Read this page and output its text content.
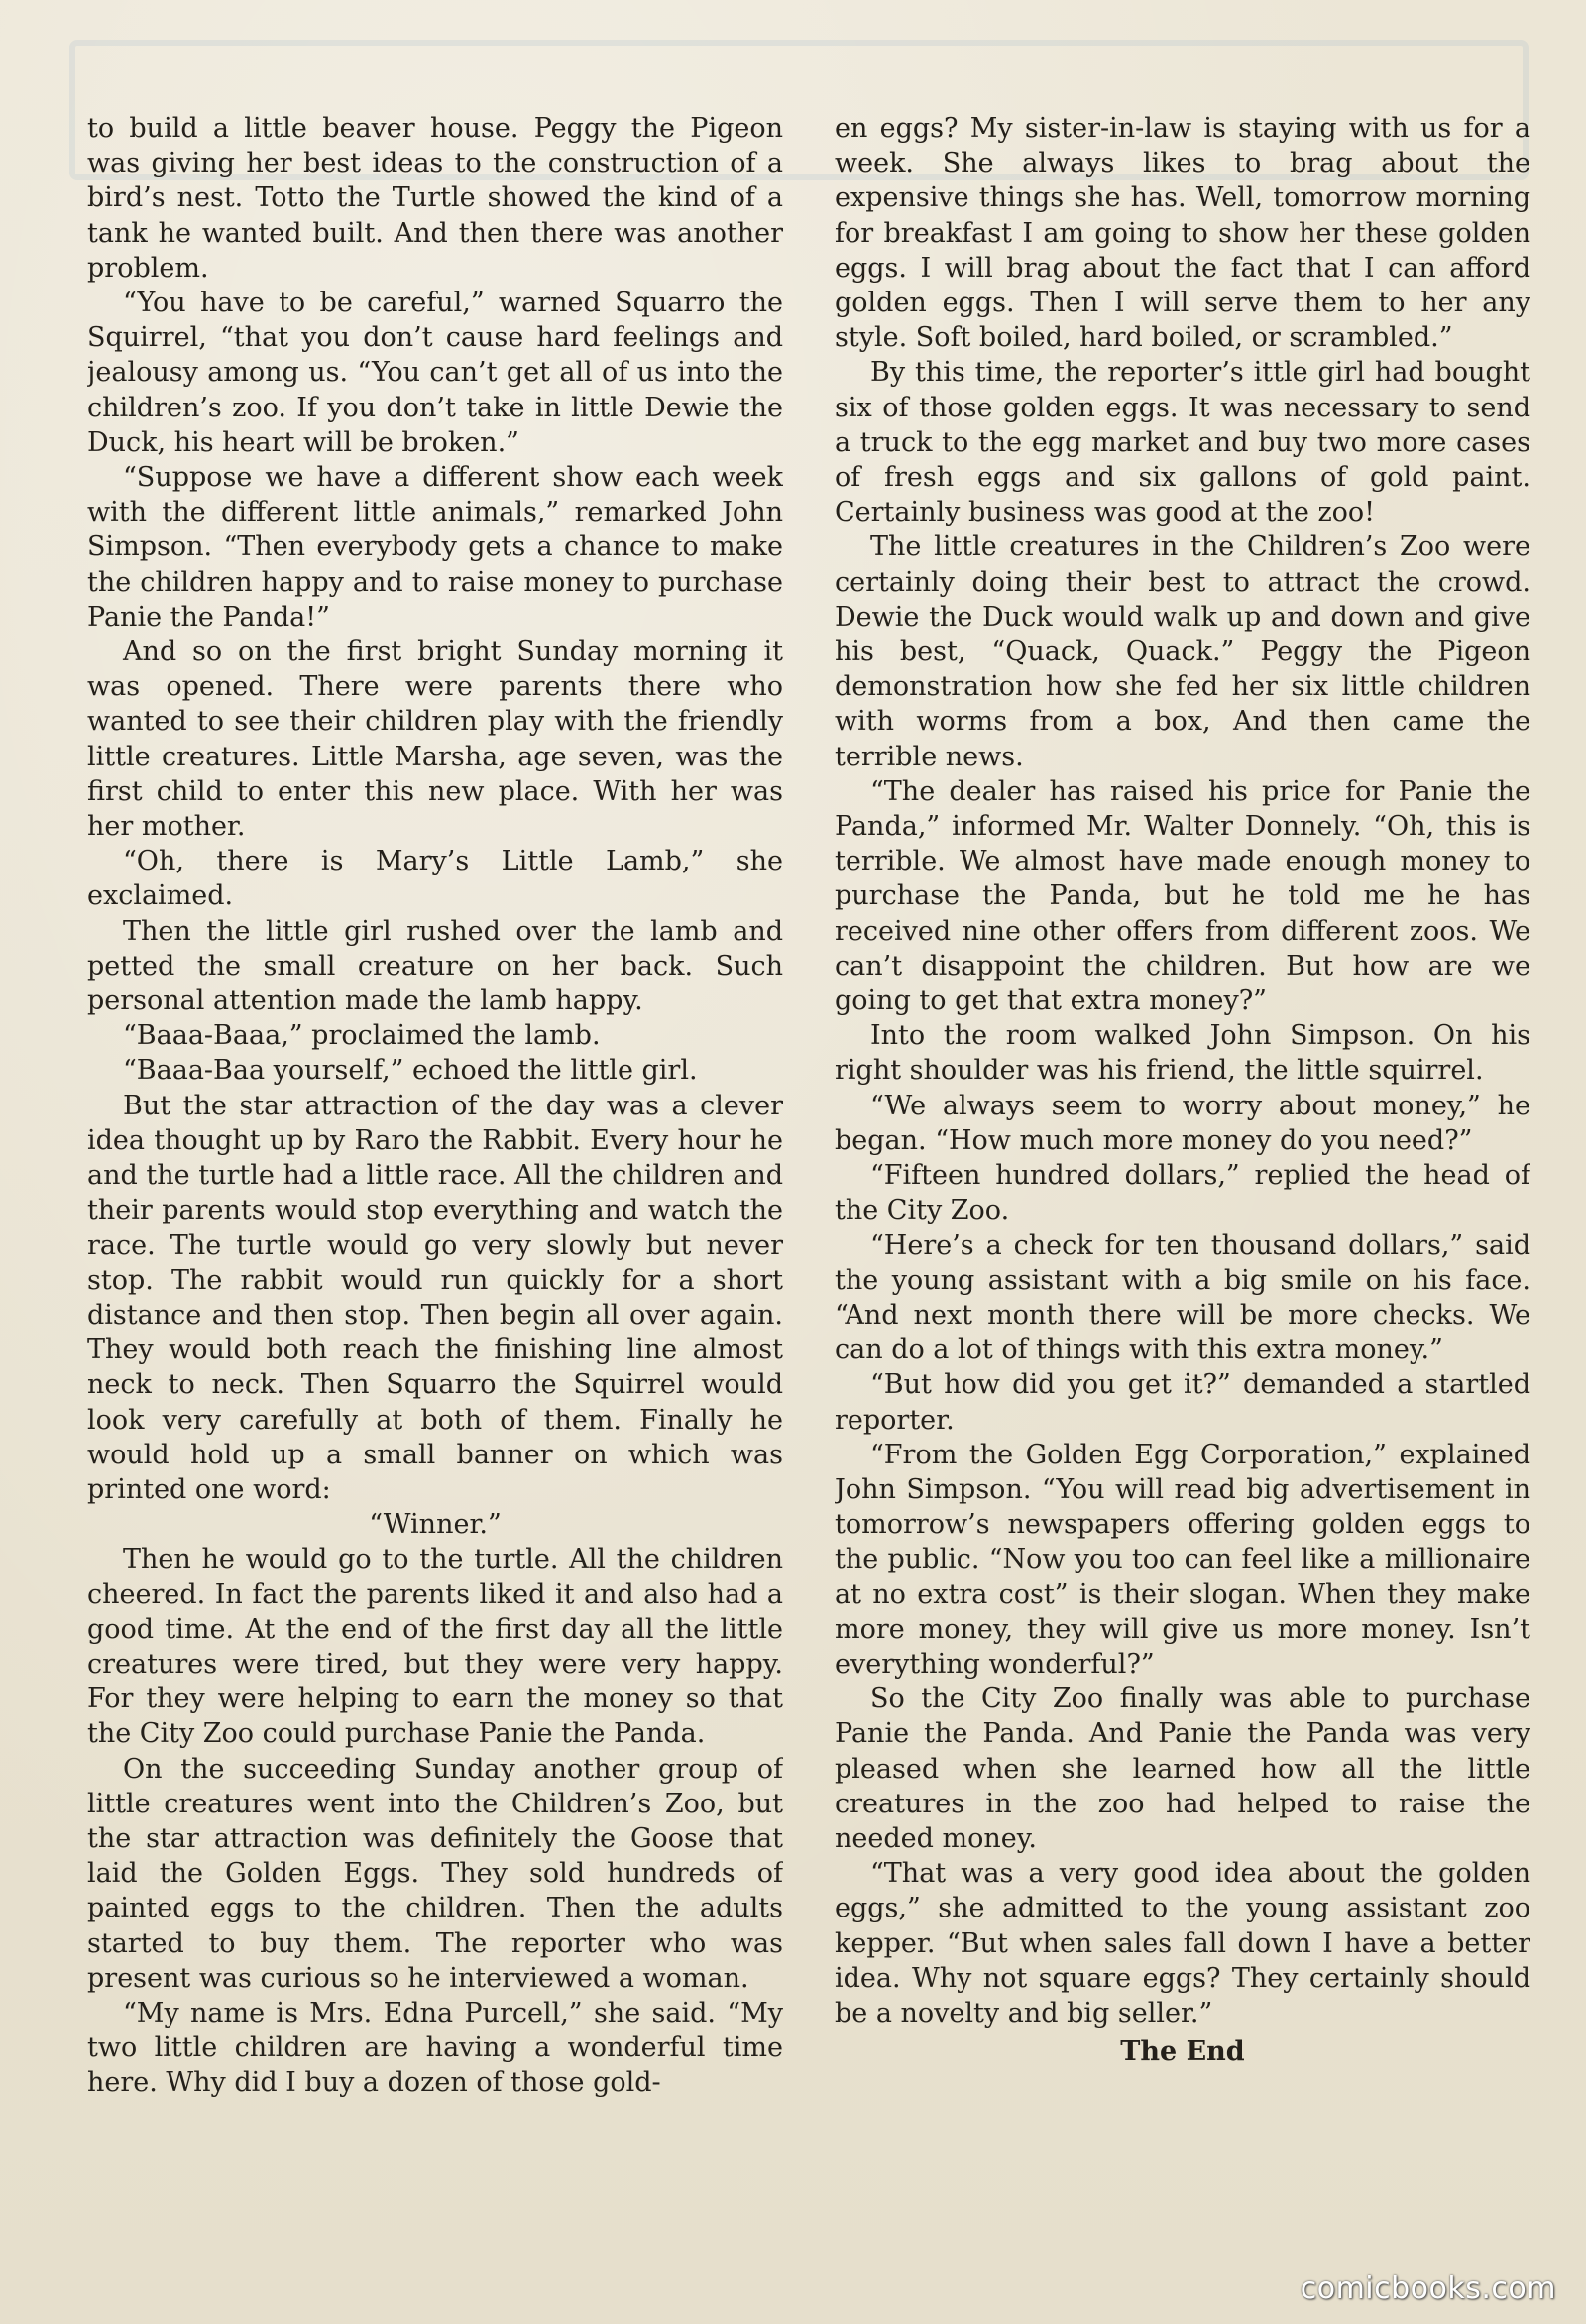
to build a little beaver house. Peggy the Pigeon was giving her best ideas to the construction of a bird’s nest. Totto the Turtle showed the kind of a tank he wanted built. And then there was another problem.

“You have to be careful,” warned Squarro the Squirrel, “that you don’t cause hard feelings and jealousy among us. “You can’t get all of us into the children’s zoo. If you don’t take in little Dewie the Duck, his heart will be broken.”

“Suppose we have a different show each week with the different little animals,” remarked John Simpson. “Then everybody gets a chance to make the children happy and to raise money to purchase Panie the Panda!”

And so on the first bright Sunday morning it was opened. There were parents there who wanted to see their children play with the friendly little creatures. Little Marsha, age seven, was the first child to enter this new place. With her was her mother.

“Oh, there is Mary’s Little Lamb,” she exclaimed.

Then the little girl rushed over the lamb and petted the small creature on her back. Such personal attention made the lamb happy.

“Baaa-Baaa,” proclaimed the lamb.

“Baaa-Baa yourself,” echoed the little girl.

But the star attraction of the day was a clever idea thought up by Raro the Rabbit. Every hour he and the turtle had a little race. All the children and their parents would stop everything and watch the race. The turtle would go very slowly but never stop. The rabbit would run quickly for a short distance and then stop. Then begin all over again. They would both reach the finishing line almost neck to neck. Then Squarro the Squirrel would look very carefully at both of them. Finally he would hold up a small banner on which was printed one word:

“Winner.”

Then he would go to the turtle. All the children cheered. In fact the parents liked it and also had a good time. At the end of the first day all the little creatures were tired, but they were very happy. For they were helping to earn the money so that the City Zoo could purchase Panie the Panda.

On the succeeding Sunday another group of little creatures went into the Children’s Zoo, but the star attraction was definitely the Goose that laid the Golden Eggs. They sold hundreds of painted eggs to the children. Then the adults started to buy them. The reporter who was present was curious so he interviewed a woman.

“My name is Mrs. Edna Purcell,” she said. “My two little children are having a wonderful time here. Why did I buy a dozen of those gold-

en eggs? My sister-in-law is staying with us for a week. She always likes to brag about the expensive things she has. Well, tomorrow morning for breakfast I am going to show her these golden eggs. I will brag about the fact that I can afford golden eggs. Then I will serve them to her any style. Soft boiled, hard boiled, or scrambled.”

By this time, the reporter’s ittle girl had bought six of those golden eggs. It was necessary to send a truck to the egg market and buy two more cases of fresh eggs and six gallons of gold paint. Certainly business was good at the zoo!

The little creatures in the Children’s Zoo were certainly doing their best to attract the crowd. Dewie the Duck would walk up and down and give his best, “Quack, Quack.” Peggy the Pigeon demonstration how she fed her six little children with worms from a box, And then came the terrible news.

“The dealer has raised his price for Panie the Panda,” informed Mr. Walter Donnely. “Oh, this is terrible. We almost have made enough money to purchase the Panda, but he told me he has received nine other offers from different zoos. We can’t disappoint the children. But how are we going to get that extra money?”

Into the room walked John Simpson. On his right shoulder was his friend, the little squirrel.

“We always seem to worry about money,” he began. “How much more money do you need?”

“Fifteen hundred dollars,” replied the head of the City Zoo.

“Here’s a check for ten thousand dollars,” said the young assistant with a big smile on his face. “And next month there will be more checks. We can do a lot of things with this extra money.”

“But how did you get it?” demanded a startled reporter.

“From the Golden Egg Corporation,” explained John Simpson. “You will read big advertisement in tomorrow’s newspapers offering golden eggs to the public. “Now you too can feel like a millionaire at no extra cost” is their slogan. When they make more money, they will give us more money. Isn’t everything wonderful?”

So the City Zoo finally was able to purchase Panie the Panda. And Panie the Panda was very pleased when she learned how all the little creatures in the zoo had helped to raise the needed money.

“That was a very good idea about the golden eggs,” she admitted to the young assistant zoo kepper. “But when sales fall down I have a better idea. Why not square eggs? They certainly should be a novelty and big seller.”

The End
comicbooks.com
